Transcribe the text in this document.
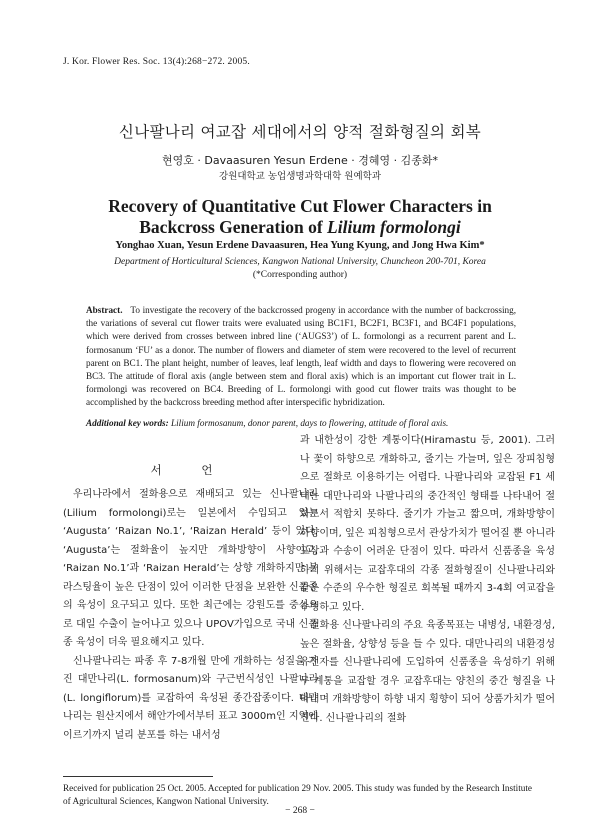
J. Kor. Flower Res. Soc. 13(4):268−272. 2005.
신나팔나리 여교잡 세대에서의 양적 절화형질의 회복
현영호 · Davaasuren Yesun Erdene · 경혜영 · 김종화*
강원대학교 농업생명과학대학 원예학과
Recovery of Quantitative Cut Flower Characters in
Backcross Generation of Lilium formolongi
Yonghao Xuan, Yesun Erdene Davaasuren, Hea Yung Kyung, and Jong Hwa Kim*
Department of Horticultural Sciences, Kangwon National University, Chuncheon 200-701, Korea
(*Corresponding author)
Abstract. To investigate the recovery of the backcrossed progeny in accordance with the number of backcrossing, the variations of several cut flower traits were evaluated using BC1F1, BC2F1, BC3F1, and BC4F1 populations, which were derived from crosses between inbred line (‘AUGS3’) of L. formolongi as a recurrent parent and L. formosanum ‘FU’ as a donor. The number of flowers and diameter of stem were recovered to the level of recurrent parent on BC1. The plant height, number of leaves, leaf length, leaf width and days to flowering were recovered on BC3. The attitude of floral axis (angle between stem and floral axis) which is an important cut flower trait in L. formolongi was recovered on BC4. Breeding of L. formolongi with good cut flower traits was thought to be accomplished by the backcross breeding method after interspecific hybridization.
Additional key words: Lilium formosanum, donor parent, days to flowering, attitude of floral axis.
서 언

우리나라에서 절화용으로 재배되고 있는 신나팔나리(Lilium formolongi)로는 일본에서 수입되고 있는 ‘Augusta’ ‘Raizan No.1’, ‘Raizan Herald’ 등이 있다. ‘Augusta’는 절화율이 높지만 개화방향이 사향이고, ‘Raizan No.1’과 ‘Raizan Herald’는 상향 개화하지만 블라스팅율이 높은 단점이 있어 이러한 단점을 보완한 신품종의 육성이 요구되고 있다. 또한 최근에는 강원도를 중심으로 대일 수출이 늘어나고 있으나 UPOV가입으로 국내 신품종 육성이 더욱 필요해지고 있다.

신나팔나리는 파종 후 7-8개월 만에 개화하는 성질을 가진 대만나리(L. formosanum)와 구근번식성인 나팔나리(L. longiflorum)를 교잡하여 육성된 종간잡종이다. 대만나리는 원산지에서 해안가에서부터 표고 3000m인 지역에 이르기까지 널리 분포를 하는 내서성

과 내한성이 강한 계통이다(Hiramastu 등, 2001). 그러나 꽃이 하향으로 개화하고, 줄기는 가늘며, 잎은 장피침형으로 절화로 이용하기는 어렵다. 나팔나리와 교잡된 F1 세대는 대만나리와 나팔나리의 중간적인 형태를 나타내어 절화로서 적합치 못하다. 줄기가 가늘고 짧으며, 개화방향이 하향이며, 잎은 피침형으로서 관상가치가 떨어질 뿐 아니라 포장과 수송이 어려운 단점이 있다. 따라서 신품종을 육성하기 위해서는 교잡후대의 각종 절화형질이 신나팔나리와 같은 수준의 우수한 형질로 회복될 때까지 3-4회 여교잡을 수행하고 있다.

절화용 신나팔나리의 주요 육종목표는 내병성, 내환경성, 높은 절화율, 상향성 등을 들 수 있다. 대만나리의 내환경성 유전자를 신나팔나리에 도입하여 신품종을 육성하기 위해 두 계통을 교잡할 경우 교잡후대는 양친의 중간 형질을 나타내며 개화방향이 하향 내지 횡향이 되어 상품가치가 떨어진다. 신나팔나리의 절화

Received for publication 25 Oct. 2005. Accepted for publication 29 Nov. 2005. This study was funded by the Research Institute of Agricultural Sciences, Kangwon National University.
− 268 −
